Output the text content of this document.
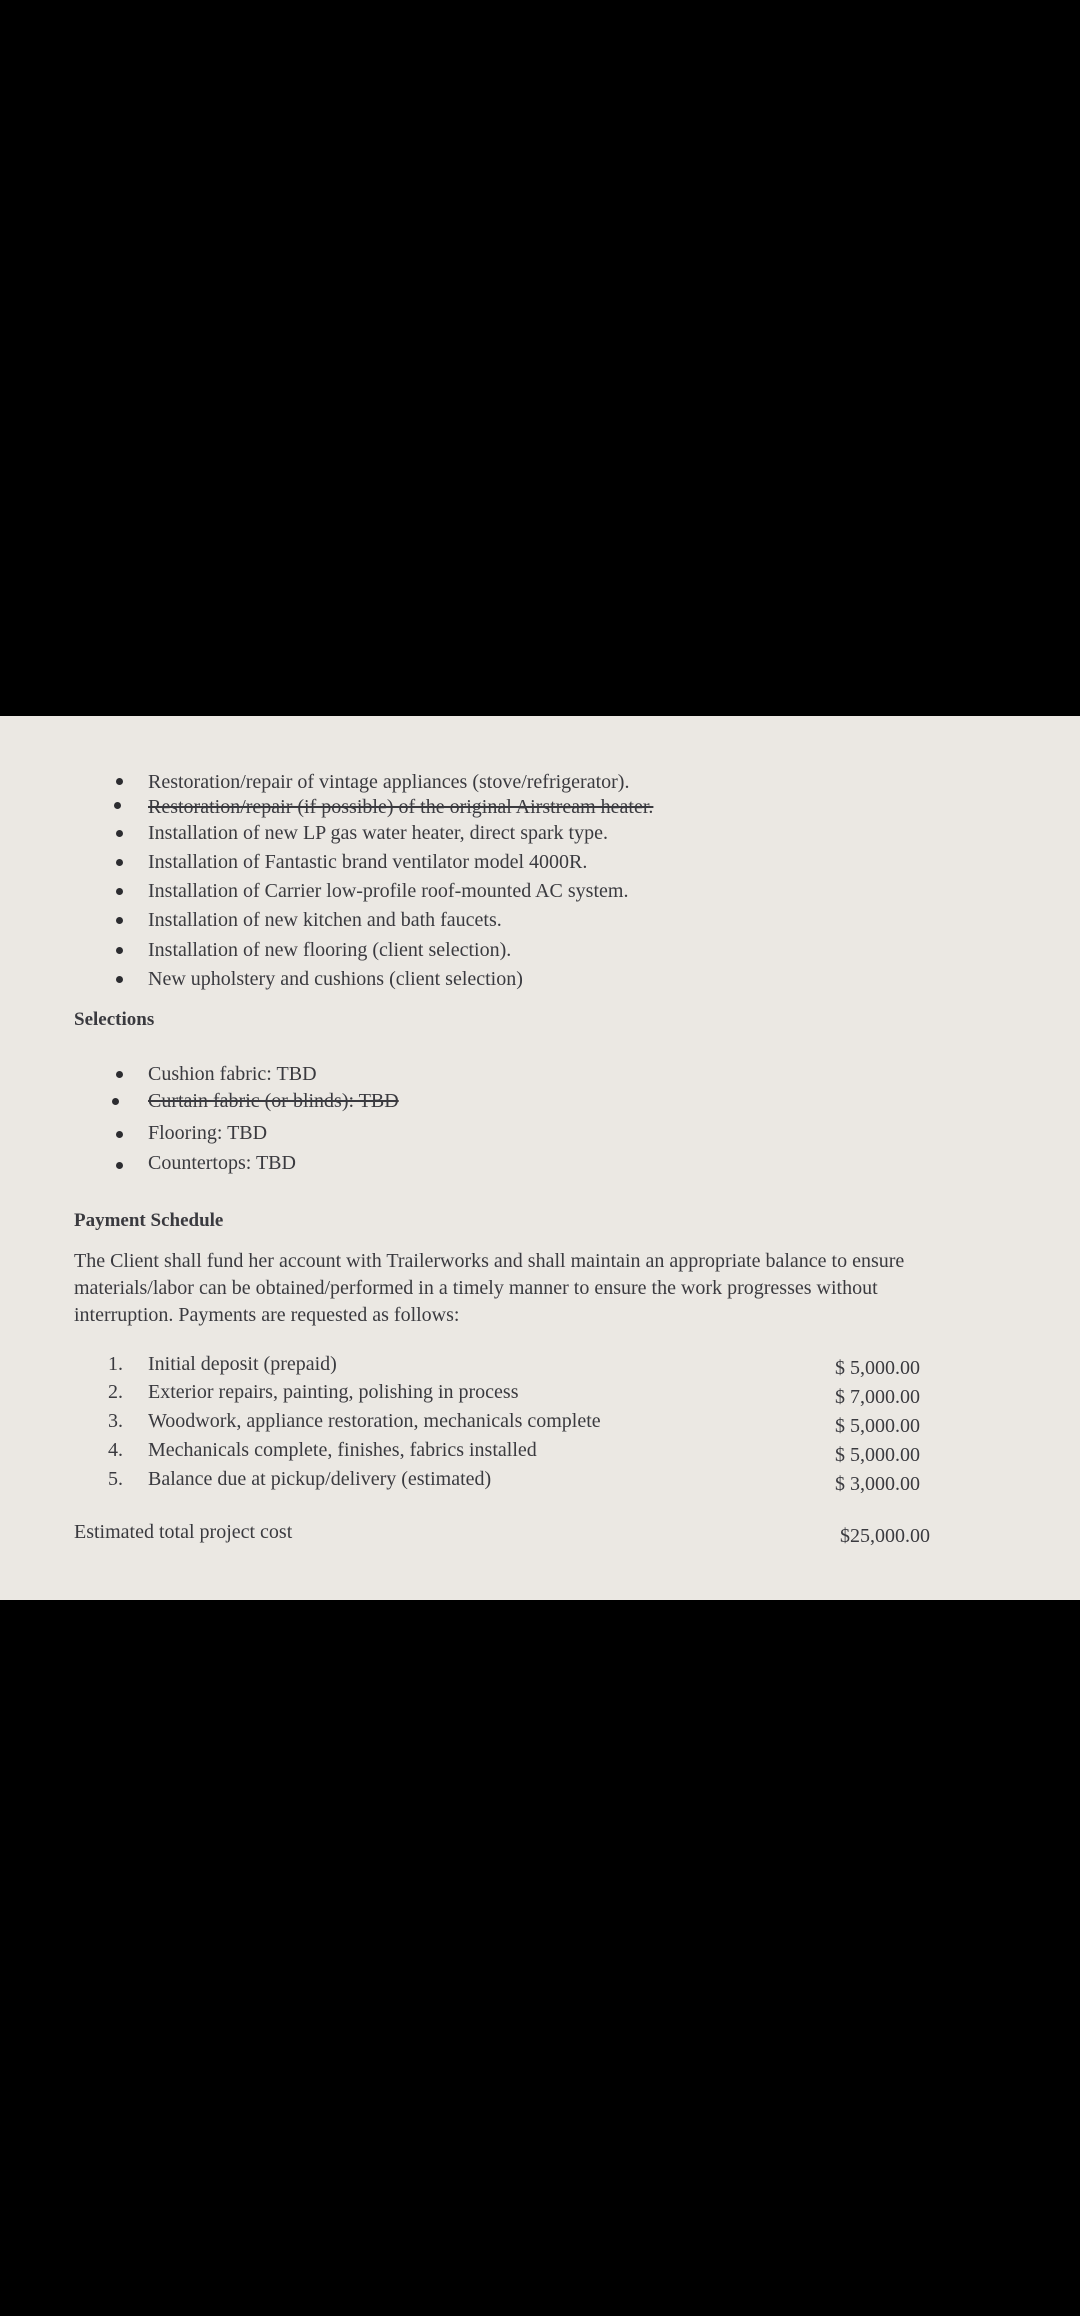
Restoration/repair of vintage appliances (stove/refrigerator).
Restoration/repair (if possible) of the original Airstream heater.
Installation of new LP gas water heater, direct spark type.
Installation of Fantastic brand ventilator model 4000R.
Installation of Carrier low-profile roof-mounted AC system.
Installation of new kitchen and bath faucets.
Installation of new flooring (client selection).
New upholstery and cushions (client selection)
Selections
Cushion fabric: TBD
Curtain fabric (or blinds): TBD
Flooring: TBD
Countertops: TBD
Payment Schedule
The Client shall fund her account with Trailerworks and shall maintain an appropriate balance to ensure
materials/labor can be obtained/performed in a timely manner to ensure the work progresses without
interruption. Payments are requested as follows:
1. Initial deposit (prepaid)	$ 5,000.00
2. Exterior repairs, painting, polishing in process	$ 7,000.00
3. Woodwork, appliance restoration, mechanicals complete	$ 5,000.00
4. Mechanicals complete, finishes, fabrics installed	$ 5,000.00
5. Balance due at pickup/delivery (estimated)	$ 3,000.00
Estimated total project cost	$25,000.00
